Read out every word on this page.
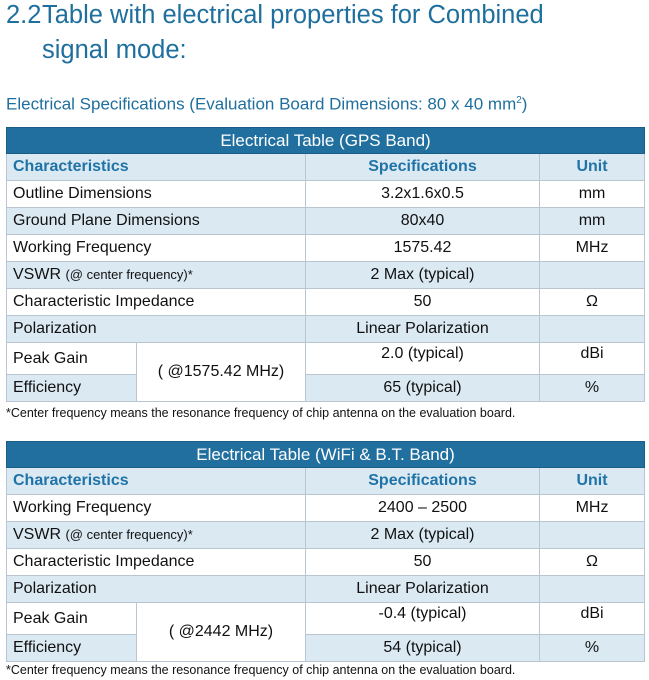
2.2Table with electrical properties for Combined
signal mode:
Electrical Specifications (Evaluation Board Dimensions: 80 x 40 $mm^2$)
Electrical Table (GPS Band)			
Characteristics		Specifications	Unit
Outline Dimensions		3.2x1.6x0.5	mm
Ground Plane Dimensions		80x40	mm
Working Frequency		1575.42	MHz
VSWR (@ center frequency)*		2 Max (typical)	
Characteristic Impedance		50	Ω
Polarization		Linear Polarization	
Peak Gain	( @1575.42 MHz)	2.0 (typical)	dBi
Efficiency		65 (typical)	%
*Center frequency means the resonance frequency of chip antenna on the evaluation board.
Electrical Table (WiFi & B.T. Band)			
Characteristics		Specifications	Unit
Working Frequency		2400 – 2500	MHz
VSWR (@ center frequency)*		2 Max (typical)	
Characteristic Impedance		50	Ω
Polarization		Linear Polarization	
Peak Gain	( @2442 MHz)	-0.4 (typical)	dBi
Efficiency		54 (typical)	%
*Center frequency means the resonance frequency of chip antenna on the evaluation board.
